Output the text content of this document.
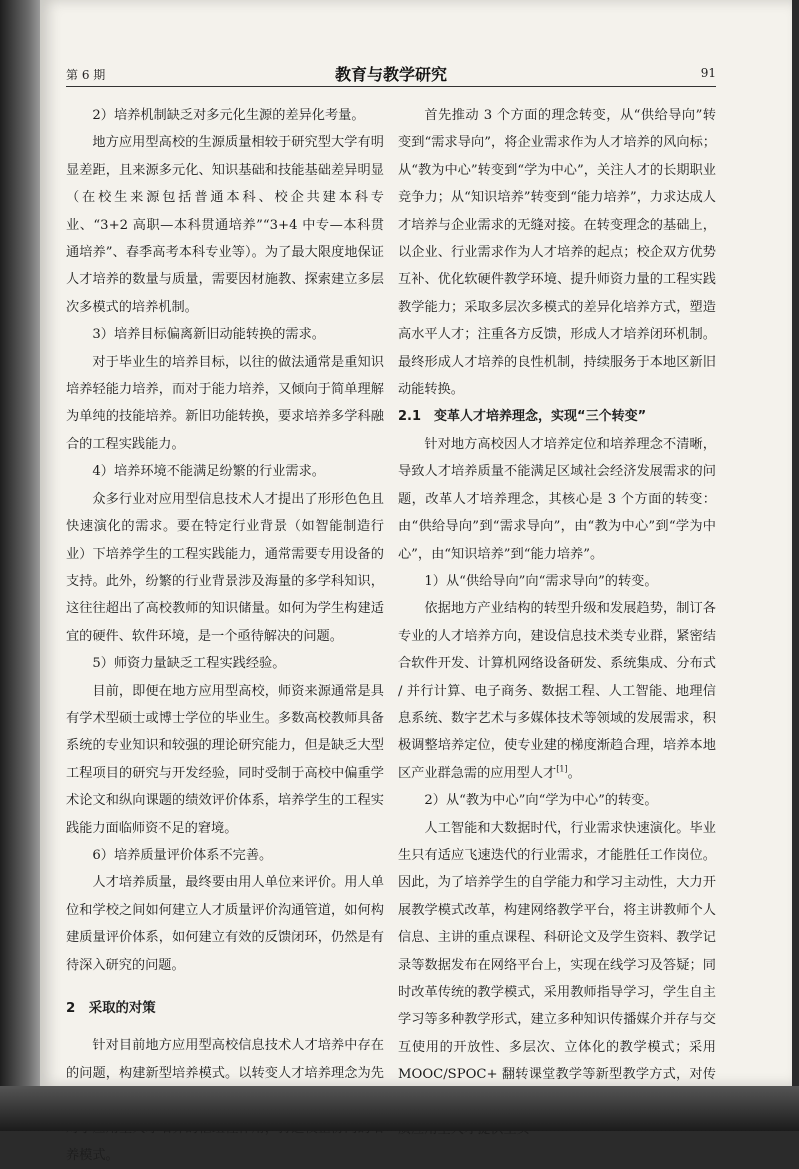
第 6 期	教育与教学研究	91

2）培养机制缺乏对多元化生源的差异化考量。

地方应用型高校的生源质量相较于研究型大学有明显差距，且来源多元化、知识基础和技能基础差异明显（在校生来源包括普通本科、校企共建本科专业、“3+2 高职—本科贯通培养”“3+4 中专—本科贯通培养”、春季高考本科专业等）。为了最大限度地保证人才培养的数量与质量，需要因材施教、探索建立多层次多模式的培养机制。

3）培养目标偏离新旧动能转换的需求。

对于毕业生的培养目标，以往的做法通常是重知识培养轻能力培养，而对于能力培养，又倾向于简单理解为单纯的技能培养。新旧功能转换，要求培养多学科融合的工程实践能力。

4）培养环境不能满足纷繁的行业需求。

众多行业对应用型信息技术人才提出了形形色色且快速演化的需求。要在特定行业背景（如智能制造行业）下培养学生的工程实践能力，通常需要专用设备的支持。此外，纷繁的行业背景涉及海量的多学科知识，这往往超出了高校教师的知识储量。如何为学生构建适宜的硬件、软件环境，是一个亟待解决的问题。

5）师资力量缺乏工程实践经验。

目前，即便在地方应用型高校，师资来源通常是具有学术型硕士或博士学位的毕业生。多数高校教师具备系统的专业知识和较强的理论研究能力，但是缺乏大型工程项目的研究与开发经验，同时受制于高校中偏重学术论文和纵向课题的绩效评价体系，培养学生的工程实践能力面临师资不足的窘境。

6）培养质量评价体系不完善。

人才培养质量，最终要由用人单位来评价。用人单位和学校之间如何建立人才质量评价沟通管道，如何构建质量评价体系，如何建立有效的反馈闭环，仍然是有待深入研究的问题。

2　采取的对策

针对目前地方应用型高校信息技术人才培养中存在的问题，构建新型培养模式。以转变人才培养理念为先 养模式。

首先推动 3 个方面的理念转变，从“供给导向”转变到“需求导向”，将企业需求作为人才培养的风向标；从“教为中心”转变到“学为中心”，关注人才的长期职业竞争力；从“知识培养”转变到“能力培养”，力求达成人才培养与企业需求的无缝对接。在转变理念的基础上，以企业、行业需求作为人才培养的起点；校企双方优势互补、优化软硬件教学环境、提升师资力量的工程实践教学能力；采取多层次多模式的差异化培养方式，塑造高水平人才；注重各方反馈，形成人才培养闭环机制。最终形成人才培养的良性机制，持续服务于本地区新旧动能转换。

2.1　变革人才培养理念，实现“三个转变”

针对地方高校因人才培养定位和培养理念不清晰，导致人才培养质量不能满足区域社会经济发展需求的问题，改革人才培养理念，其核心是 3 个方面的转变：由“供给导向”到“需求导向”，由“教为中心”到“学为中心”，由“知识培养”到“能力培养”。

1）从“供给导向”向“需求导向”的转变。

依据地方产业结构的转型升级和发展趋势，制订各专业的人才培养方向，建设信息技术类专业群，紧密结合软件开发、计算机网络设备研发、系统集成、分布式 / 并行计算、电子商务、数据工程、人工智能、地理信息系统、数字艺术与多媒体技术等领域的发展需求，积极调整培养定位，使专业建的梯度渐趋合理，培养本地区产业群急需的应用型人才[1]。

2）从“教为中心”向“学为中心”的转变。

人工智能和大数据时代，行业需求快速演化。毕业生只有适应飞速迭代的行业需求，才能胜任工作岗位。因此，为了培养学生的自学能力和学习主动性，大力开展教学模式改革，构建网络教学平台，将主讲教师个人信息、主讲的重点课程、科研论文及学生资料、教学记录等数据发布在网络平台上，实现在线学习及答疑；同时改革传统的教学模式，采用教师指导学习，学生自主学习等多种教学形式，建立多种知识传播媒介并存与交互使用的开放性、多层次、立体化的教学模式；采用 MOOC/SPOC+ 翻转课堂教学等新型教学方式，对传
